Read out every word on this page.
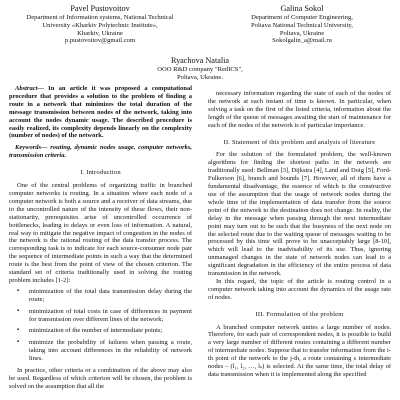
Pavel Pustovoitov
Department of Information systems, National Technical
University «Kharkiv Polytechnic Institute»,
Kharkiv, Ukraine
p.pustovoitov@gmail.com
Galina Sokol
Department of Computer Engineering,
Poltava National Technical University,
Poltava, Ukraine
Sokolgalin_a@mail.ru
Ryachova Natalia
OOO R&D company "RedICS",
Poltava, Ukraine.
Abstract— In an article it was proposed a computational procedure that provides a solution to the problem of finding a route in a network that minimizes the total duration of the message transmission between nodes of the network, taking into account the nodes dynamic usage. The described procedure is easily realized, its complexity depends linearly on the complexity (number of nodes) of the network.
Keywords— routing, dynamic nodes usage, computer networks, transmission criteria.
I. Introduction

One of the central problems of organizing traffic in branched computer networks is routing. In a situation where each node of a computer network is both a source and a receiver of data streams, due to the uncontrolled nature of the intensity of these flows, their non-stationarity, prerequisites arise of uncontrolled occurrence of bottlenecks, leading to delays or even loss of information. A natural, real way to mitigate the negative impact of congestion in the nodes of the network is the rational routing of the data transfer process. The corresponding task is to indicate for each source-consumer node pair the sequence of intermediate points in such a way that the determined route is the best from the point of view of the chosen criterion. The standard set of criteria traditionally used in solving the routing problem includes [1-2]:

▪ minimization of the total data transmission delay during the route;
▪ minimization of total costs in case of differences in payment for transmission over different lines of the network;
▪ minimization of the number of intermediate points;
▪ minimize the probability of failures when passing a route, taking into account differences in the reliability of network lines.

In practice, other criteria or a combination of the above may also be used. Regardless of which criterion will be chosen, the problem is solved on the assumption that all the

necessary information regarding the state of each of the nodes of the network at each instant of time is known. In particular, when solving a task on the first of the listed criteria, information about the length of the queue of messages awaiting the start of maintenance for each of the nodes of the network is of particular importance.

II. Statement of this problem and analysis of literature

For the solution of the formulated problem, the well-known algorithms for finding the shortest paths in the network are traditionally used: Bellman [3], Dijkstra [4], Land and Doig [5], Ford-Fulkerson [6], branch and bounds [7]. However, all of them have a fundamental disadvantage, the essence of which is the constructive use of the assumption that the usage of network nodes during the whole time of the implementation of data transfer from the source point of the network to the destination does not change. In reality, the delay in the message when passing through the next intermediate point may turn out to be such that the busyness of the next node on the selected route due to the waiting queue of messages waiting to be processed by this time will prove to be unacceptably large [8-10], which will lead to the inadvisability of its use. Thus, ignoring unmanaged changes in the state of network nodes can lead to a significant degradation in the efficiency of the entire process of data transmission in the network.

In this regard, the topic of the article is routing control in a computer network taking into account the dynamics of the usage rate of nodes.

III. Formulation of the problem

A branched computer network unites a large number of nodes. Therefore, for each pair of correspondent nodes, it is possible to build a very large number of different routes containing a different number of intermediate nodes. Suppose that to transfer information from the i-th point of the network to the j-th, a route containing s intermediate nodes – (l₁, l₂, …, lₛ) is selected. At the same time, the total delay of data transmission when it is implemented along the specified
